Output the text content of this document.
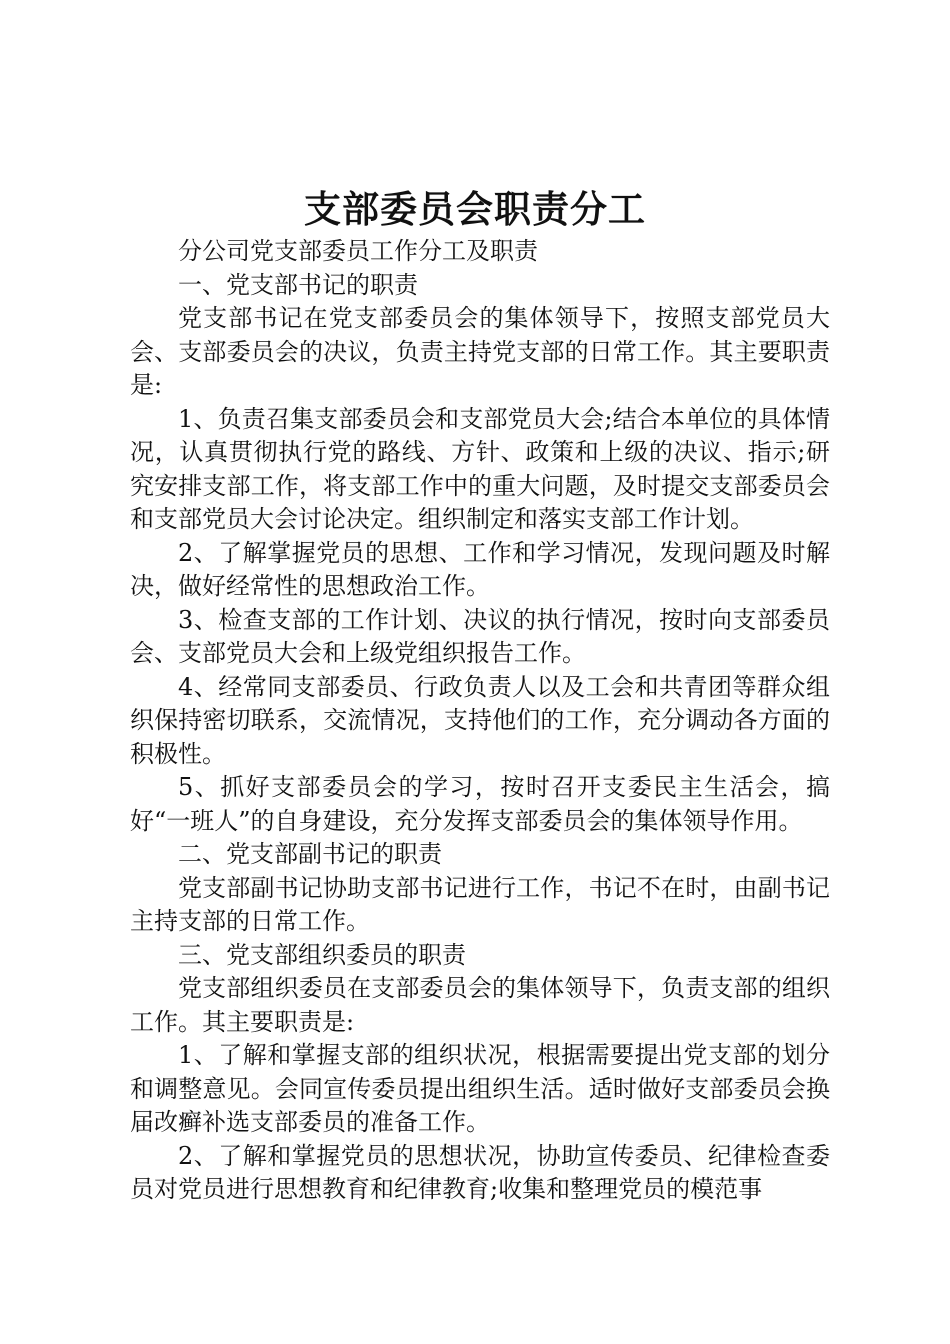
支部委员会职责分工

分公司党支部委员工作分工及职责

一、党支部书记的职责

党支部书记在党支部委员会的集体领导下，按照支部党员大会、支部委员会的决议，负责主持党支部的日常工作。其主要职责是:

1、负责召集支部委员会和支部党员大会;结合本单位的具体情况，认真贯彻执行党的路线、方针、政策和上级的决议、指示;研究安排支部工作，将支部工作中的重大问题，及时提交支部委员会和支部党员大会讨论决定。组织制定和落实支部工作计划。

2、了解掌握党员的思想、工作和学习情况，发现问题及时解决，做好经常性的思想政治工作。

3、检查支部的工作计划、决议的执行情况，按时向支部委员会、支部党员大会和上级党组织报告工作。

4、经常同支部委员、行政负责人以及工会和共青团等群众组织保持密切联系，交流情况，支持他们的工作，充分调动各方面的积极性。

5、抓好支部委员会的学习，按时召开支委民主生活会，搞好“一班人”的自身建设，充分发挥支部委员会的集体领导作用。

二、党支部副书记的职责

党支部副书记协助支部书记进行工作，书记不在时，由副书记主持支部的日常工作。

三、党支部组织委员的职责

党支部组织委员在支部委员会的集体领导下，负责支部的组织工作。其主要职责是:

1、了解和掌握支部的组织状况，根据需要提出党支部的划分和调整意见。会同宣传委员提出组织生活。适时做好支部委员会换届改癣补选支部委员的准备工作。

2、了解和掌握党员的思想状况，协助宣传委员、纪律检查委员对党员进行思想教育和纪律教育;收集和整理党员的模范事
